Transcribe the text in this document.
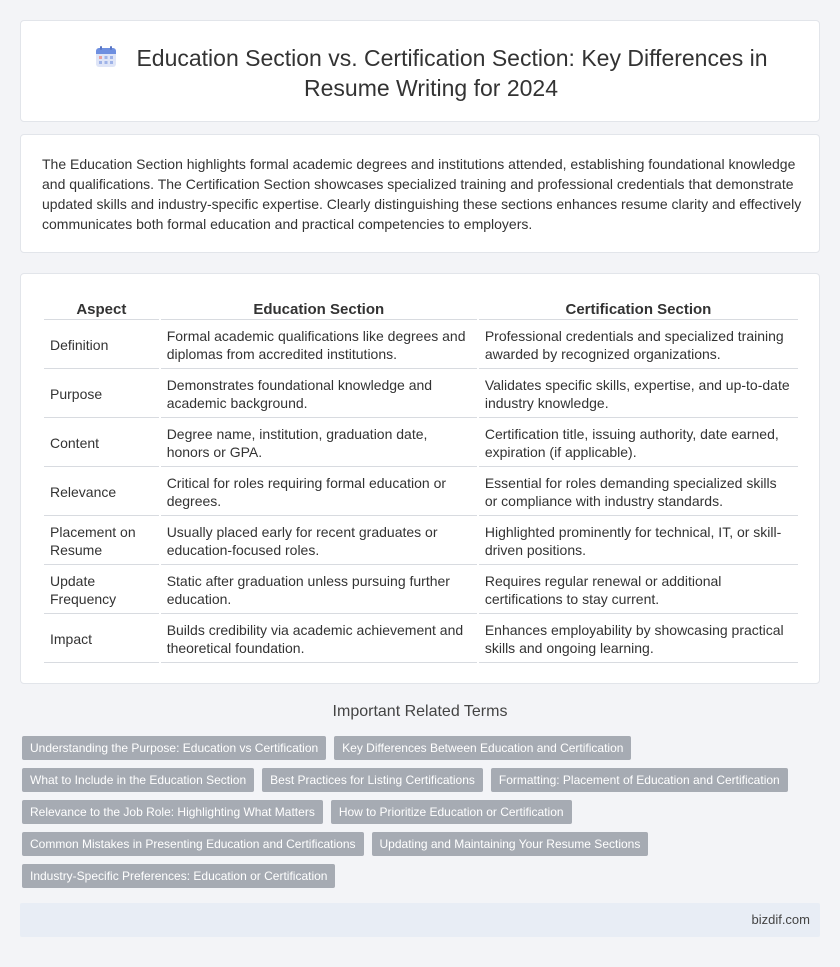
Education Section vs. Certification Section: Key Differences in Resume Writing for 2024

The Education Section highlights formal academic degrees and institutions attended, establishing foundational knowledge and qualifications. The Certification Section showcases specialized training and professional credentials that demonstrate updated skills and industry-specific expertise. Clearly distinguishing these sections enhances resume clarity and effectively communicates both formal education and practical competencies to employers.

Aspect	Education Section	Certification Section
Definition	Formal academic qualifications like degrees and diplomas from accredited institutions.	Professional credentials and specialized training awarded by recognized organizations.
Purpose	Demonstrates foundational knowledge and academic background.	Validates specific skills, expertise, and up-to-date industry knowledge.
Content	Degree name, institution, graduation date, honors or GPA.	Certification title, issuing authority, date earned, expiration (if applicable).
Relevance	Critical for roles requiring formal education or degrees.	Essential for roles demanding specialized skills or compliance with industry standards.
Placement on Resume	Usually placed early for recent graduates or education-focused roles.	Highlighted prominently for technical, IT, or skill-driven positions.
Update Frequency	Static after graduation unless pursuing further education.	Requires regular renewal or additional certifications to stay current.
Impact	Builds credibility via academic achievement and theoretical foundation.	Enhances employability by showcasing practical skills and ongoing learning.
Important Related Terms
Understanding the Purpose: Education vs Certification	Key Differences Between Education and Certification
What to Include in the Education Section	Best Practices for Listing Certifications	Formatting: Placement of Education and Certification
Relevance to the Job Role: Highlighting What Matters	How to Prioritize Education or Certification
Common Mistakes in Presenting Education and Certifications	Updating and Maintaining Your Resume Sections
Industry-Specific Preferences: Education or Certification
bizdif.com
